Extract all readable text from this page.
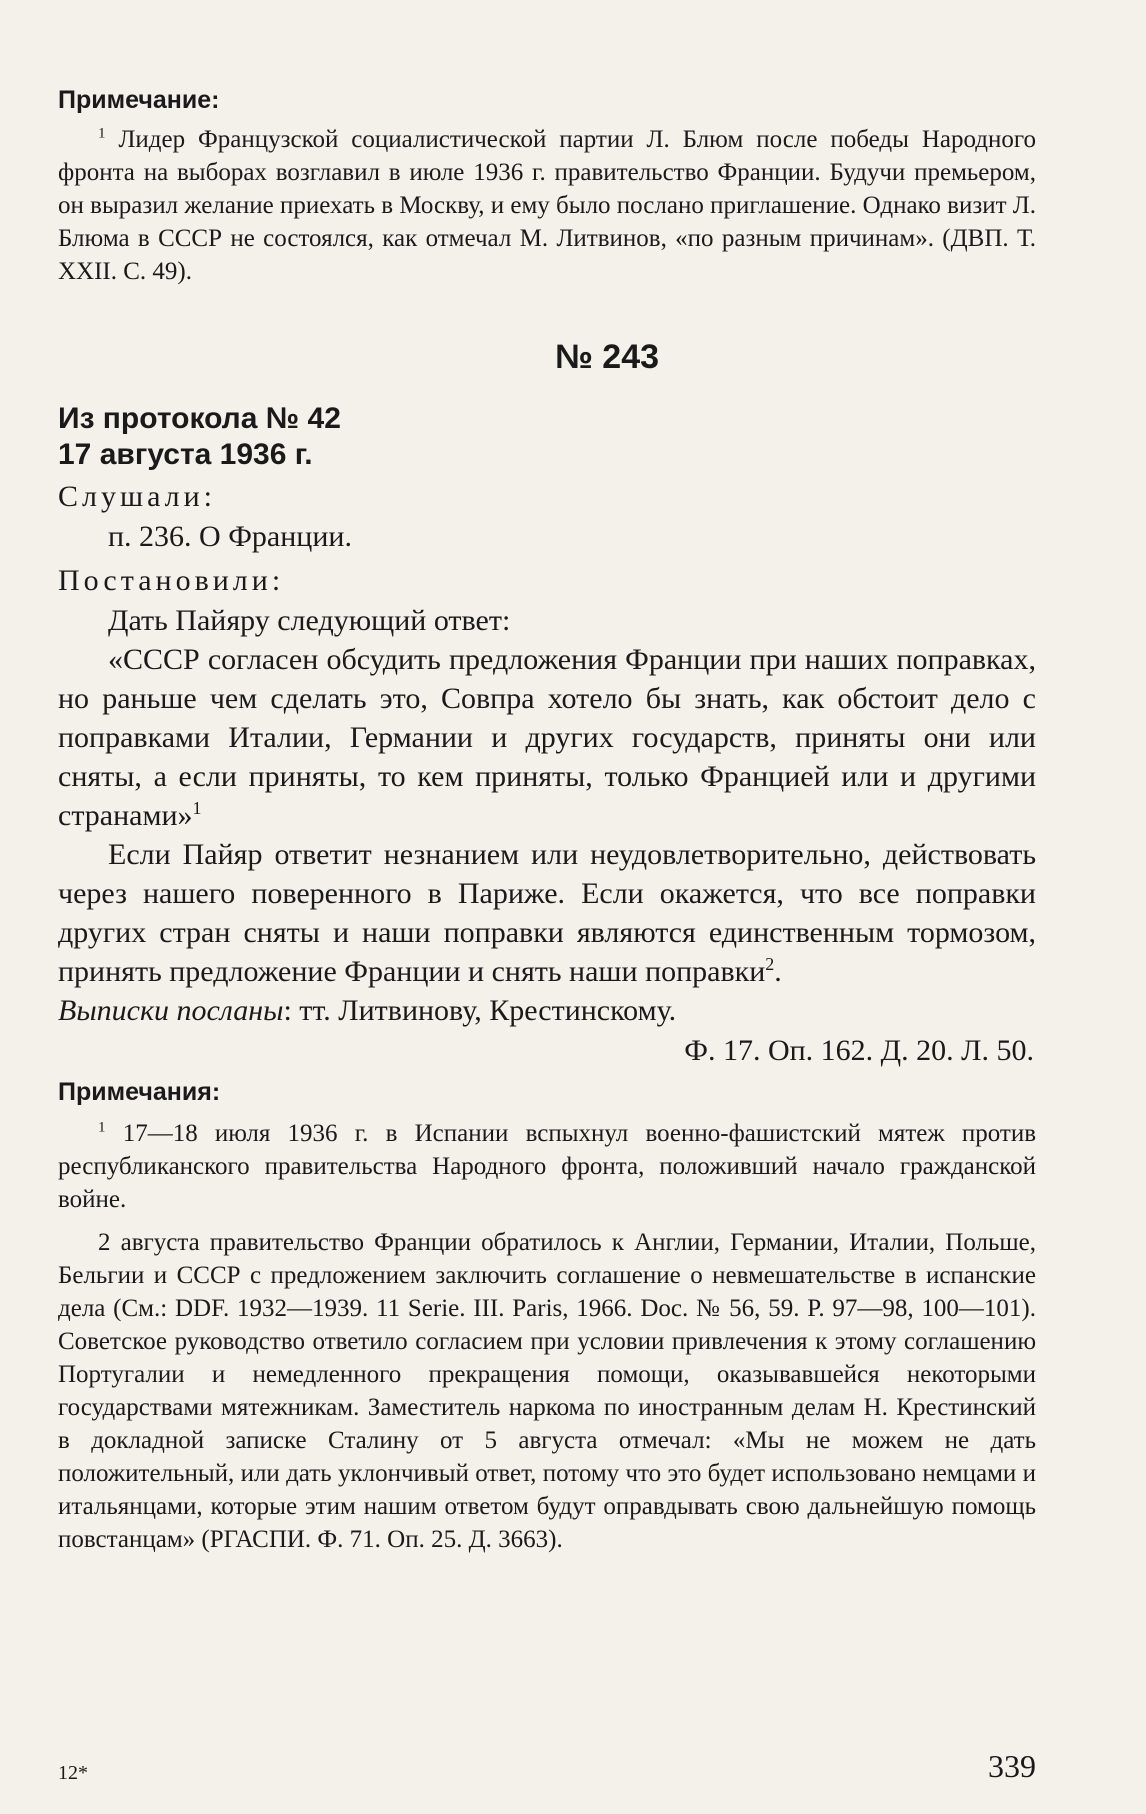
Примечание:

$^1$ Лидер Французской социалистической партии Л. Блюм после победы Народного фронта на выборах возглавил в июле 1936 г. правительство Франции. Будучи премьером, он выразил желание приехать в Москву, и ему было послано приглашение. Однако визит Л. Блюма в СССР не состоялся, как отмечал М. Литвинов, «по разным причинам». (ДВП. Т. XXII. С. 49).

№ 243
Из протокола № 42
17 августа 1936 г.
Слушали:
п. 236. О Франции.
Постановили:

Дать Пайяру следующий ответ:

«СССР согласен обсудить предложения Франции при наших поправках, но раньше чем сделать это, Совпра хотело бы знать, как обстоит дело с поправками Италии, Германии и других государств, приняты они или сняты, а если приняты, то кем приняты, только Францией или и другими странами»$^1$

Если Пайяр ответит незнанием или неудовлетворительно, действовать через нашего поверенного в Париже. Если окажется, что все поправки других стран сняты и наши поправки являются единственным тормозом, принять предложение Франции и снять наши поправки$^2$.

Выписки посланы: тт. Литвинову, Крестинскому.

Ф. 17. Оп. 162. Д. 20. Л. 50.
Примечания:

$^1$ 17—18 июля 1936 г. в Испании вспыхнул военно-фашистский мятеж против республиканского правительства Народного фронта, положивший начало гражданской войне.

2 августа правительство Франции обратилось к Англии, Германии, Италии, Польше, Бельгии и СССР с предложением заключить соглашение о невмешательстве в испанские дела (См.: DDF. 1932—1939. 11 Serie. III. Paris, 1966. Doc. № 56, 59. P. 97—98, 100—101). Советское руководство ответило согласием при условии привлечения к этому соглашению Португалии и немедленного прекращения помощи, оказывавшейся некоторыми государствами мятежникам. Заместитель наркома по иностранным делам Н. Крестинский в докладной записке Сталину от 5 августа отмечал: «Мы не можем не дать положительный, или дать уклончивый ответ, потому что это будет использовано немцами и итальянцами, которые этим нашим ответом будут оправдывать свою дальнейшую помощь повстанцам» (РГАСПИ. Ф. 71. Оп. 25. Д. 3663).

12*	339
